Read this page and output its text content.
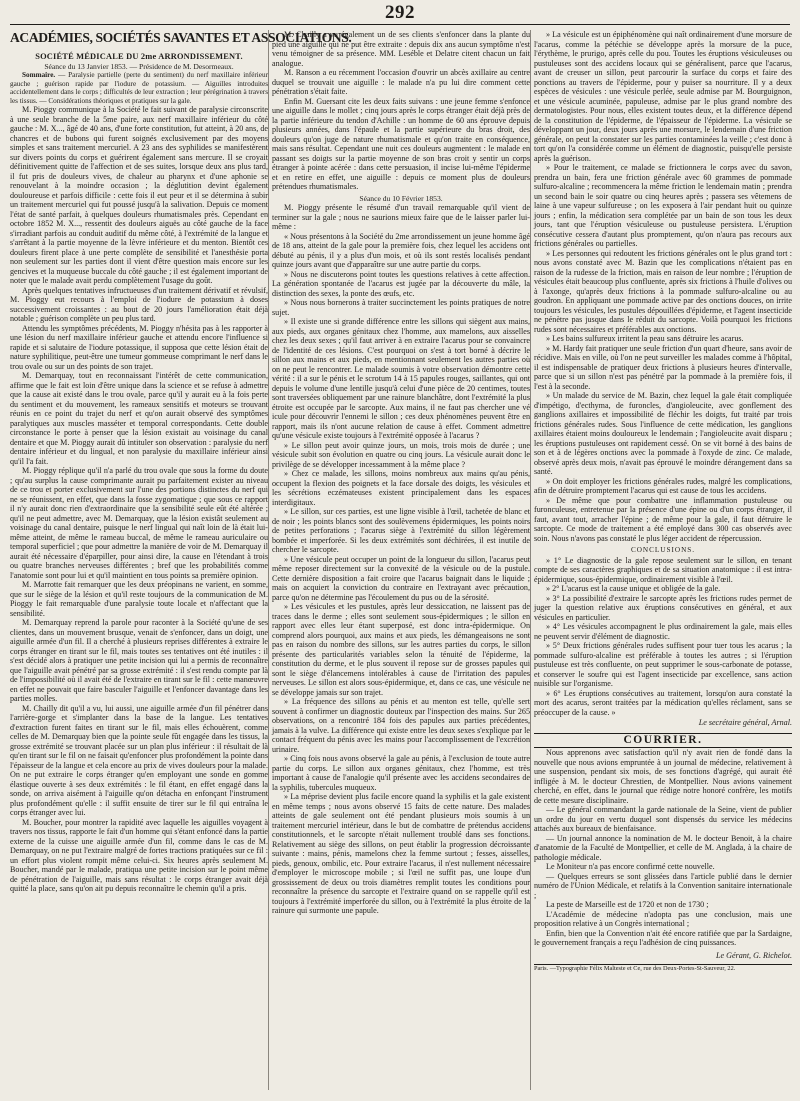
292
ACADÉMIES, SOCIÉTÉS SAVANTES ET ASSOCIATIONS.

SOCIÉTÉ MÉDICALE DU 2me ARRONDISSEMENT.

Séance du 13 Janvier 1853. — Présidence de M. Desormeaux.

Sommaire. — Paralysie partielle (perte du sentiment) du nerf maxillaire inférieur gauche ; guérison rapide par l'iodure de potassium. — Aiguilles introduites accidentellement dans le corps ; difficultés de leur extraction ; leur pérégrination à travers les tissus. — Considérations théoriques et pratiques sur la gale.

M. Pioggy communique à la Société le fait suivant de paralysie circonscrite à une seule branche de la 5me paire, aux nerf maxillaire inférieur du côté gauche : M. X..., âgé de 40 ans, d'une forte constitution, fut atteint, à 20 ans, de chancres et de bubons qui furent soignés exclusivement par des moyens simples et sans traitement mercuriel. A 23 ans des syphilides se manifestèrent sur divers points du corps et guérirent également sans mercure. Il se croyait définitivement quitte de l'affection et de ses suites, lorsque deux ans plus tard, il fut pris de douleurs vives, de chaleur au pharynx et d'une aphonie se renouvelant à la moindre occasion ; la déglutition devint également douloureuse et parfois difficile : cette fois il eut peur et il se détermina à subir un traitement mercuriel qui fut poussé jusqu'à la salivation. Depuis ce moment l'état de santé parfait, à quelques douleurs rhumatismales près. Cependant en octobre 1852 M. X..., ressentit des douleurs aiguës au côté gauche de la face s'irradiant parfois au conduit auditif du même côté, à l'extrémité de la langue et s'arrêtant à la partie moyenne de la lèvre inférieure et du menton. Bientôt ces douleurs firent place à une perte complète de sensibilité et l'anesthésie porta non seulement sur les parties dont il vient d'être question mais encore sur les gencives et la muqueuse buccale du côté gauche ; il est également important de noter que le malade avait perdu complètement l'usage du goût.

Après quelques tentatives infructueuses d'un traitement dérivatif et révulsif, M. Pioggy eut recours à l'emploi de l'iodure de potassium à doses successivement croissantes : au bout de 20 jours l'amélioration était déjà notable ; guérison complète un peu plus tard.

Attendu les symptômes précédents, M. Pioggy n'hésita pas à les rapporter à une lésion du nerf maxillaire inférieur gauche et attendu encore l'influence si rapide et si salutaire de l'iodure potassique, il supposa que cette lésion était de nature syphilitique, peut-être une tumeur gommeuse comprimant le nerf dans le trou ovale ou sur un des points de son trajet.

M. Demarquay, tout en reconnaissant l'intérêt de cette communication, affirme que le fait est loin d'être unique dans la science et se refuse à admettre que la cause ait existé dans le trou ovale, parce qu'il y aurait eu à la fois perte du sentiment et du mouvement, les rameaux sensitifs et moteurs se trouvant réunis en ce point du trajet du nerf et qu'on aurait observé des symptômes paralytiques aux muscles masséter et temporal correspondants. Cette double circonstance le porte à penser que la lésion existait au voisinage du canal dentaire et que M. Pioggy aurait dû intituler son observation : paralysie du nerf dentaire inférieur et du lingual, et non paralysie du maxillaire inférieur ainsi qu'il l'a fait.

M. Pioggy réplique qu'il n'a parlé du trou ovale que sous la forme du doute ; qu'au surplus la cause comprimante aurait pu parfaitement exister au niveau de ce trou et porter exclusivement sur l'une des portions distinctes du nerf qui ne se réunissent, en effet, que dans la fosse zygomatique ; que sous ce rapport il n'y aurait donc rien d'extraordinaire que la sensibilité seule eût été altérée ; qu'il ne peut admettre, avec M. Demarquay, que la lésion existât seulement au voisinage du canal dentaire, puisque le nerf lingual qui naît loin de là était lui-même atteint, de même le rameau buccal, de même le rameau auriculaire ou temporal superficiel ; que pour admettre la manière de voir de M. Demarquay il aurait été nécessaire d'éparpiller, pour ainsi dire, la cause en l'étendant à trois ou quatre branches nerveuses différentes ; bref que les probabilités comme l'anatomie sont pour lui et qu'il maintient en tous points sa première opinion.

M. Marrotte fait remarquer que les deux préopinans ne varient, en somme, que sur le siège de la lésion et qu'il reste toujours de la communication de M. Pioggy le fait remarquable d'une paralysie toute locale et n'affectant que la sensibilité.

M. Demarquay reprend la parole pour raconter à la Société qu'une de ses clientes, dans un mouvement brusque, venait de s'enfoncer, dans un doigt, une aiguille armée d'un fil. Il a cherché à plusieurs reprises différentes à extraire le corps étranger en tirant sur le fil, mais toutes ses tentatives ont été inutiles : il s'est décidé alors à pratiquer une petite incision qui lui a permis de reconnaître que l'aiguille avait pénétré par sa grosse extrémité : il s'est rendu compte par là de l'impossibilité où il avait été de l'extraire en tirant sur le fil : cette manœuvre en effet ne pouvait que faire basculer l'aiguille et l'enfoncer davantage dans les parties molles.

M. Chailly dit qu'il a vu, lui aussi, une aiguille armée d'un fil pénétrer dans l'arrière-gorge et s'implanter dans la base de la langue. Les tentatives d'extraction furent faites en tirant sur le fil, mais elles échouèrent, comme celles de M. Demarquay bien que la pointe seule fût engagée dans les tissus, la grosse extrémité se trouvant placée sur un plan plus inférieur : il résultait de là qu'en tirant sur le fil on ne faisait qu'enfoncer plus profondément la pointe dans l'épaisseur de la langue et cela encore au prix de vives douleurs pour la malade. On ne put extraire le corps étranger qu'en employant une sonde en gomme élastique ouverte à ses deux extrémités : le fil étant, en effet engagé dans la sonde, on arriva aisément à l'aiguille qu'on détacha en enfonçant l'instrument plus profondément qu'elle : il suffit ensuite de tirer sur le fil qui entraîna le corps étranger avec lui.

M. Boucher, pour montrer la rapidité avec laquelle les aiguilles voyagent à travers nos tissus, rapporte le fait d'un homme qui s'étant enfoncé dans la partie externe de la cuisse une aiguille armée d'un fil, comme dans le cas de M. Demarquay, on ne put l'extraire malgré de fortes tractions pratiquées sur ce fil : un effort plus violent rompit même celui-ci. Six heures après seulement M. Boucher, mandé par le malade, pratiqua une petite incision sur le point même de pénétration de l'aiguille, mais sans résultat : le corps étranger avait déjà quitté la place, sans qu'on ait pu depuis reconnaître le chemin qu'il a pris.

M. Chailly a vu également un de ses clients s'enfoncer dans la plante du pied une aiguille qui ne put être extraite : depuis dix ans aucun symptôme n'est venu témoigner de sa présence. MM. Leséble et Delatre citent chacun un fait analogue.

M. Ranson a eu récemment l'occasion d'ouvrir un abcès axillaire au centre duquel se trouvait une aiguille : le malade n'a pu lui dire comment cette pénétration s'était faite.

Enfin M. Guersant cite les deux faits suivans : une jeune femme s'enfonce une aiguille dans le mollet ; cinq jours après le corps étranger était déjà près de la partie inférieure du tendon d'Achille : un homme de 60 ans éprouve depuis plusieurs années, dans l'épaule et la partie supérieure du bras droit, des douleurs qu'on juge de nature rhumatismale et qu'on traite en conséquence, mais sans résultat. Cependant une nuit ces douleurs augmentent : le malade en passant ses doigts sur la partie moyenne de son bras croit y sentir un corps étranger à pointe acérée : dans cette persuasion, il incise lui-même l'épiderme et en retire en effet, une aiguille : depuis ce moment plus de douleurs prétendues rhumatismales.

Séance du 10 Février 1853.

M. Pioggy présente le résumé d'un travail remarquable qu'il vient de terminer sur la gale ; nous ne saurions mieux faire que de le laisser parler lui-même :

« Nous présentons à la Société du 2me arrondissement un jeune homme âgé de 18 ans, atteint de la gale pour la première fois, chez lequel les accidens ont débuté au pénis, il y a plus d'un mois, et où ils sont restés localisés pendant quinze jours avant que d'apparaître sur une autre partie du corps.

» Nous ne discuterons point toutes les questions relatives à cette affection. La génération spontanée de l'acarus est jugée par la découverte du mâle, la distinction des sexes, la ponte des œufs, etc.

» Nous nous bornerons à traiter succinctement les points pratiques de notre sujet.

» Il existe une si grande différence entre les sillons qui siègent aux mains, aux pieds, aux organes génitaux chez l'homme, aux mamelons, aux aisselles chez les deux sexes ; qu'il faut arriver à en extraire l'acarus pour se convaincre de l'identité de ces lésions. C'est pourquoi on s'est à tort borné à décrire le sillon aux mains et aux pieds, en mentionnant seulement les autres parties où on ne peut le rencontrer. Le malade soumis à votre observation démontre cette vérité : il a sur le pénis et le scrotum 14 à 15 papules rouges, saillantes, qui ont depuis le volume d'une lentille jusqu'à celui d'une pièce de 20 centimes, toutes sont traversées obliquement par une rainure blanchâtre, dont l'extrémité la plus étroite est occupée par le sarcopte. Aux mains, il ne faut pas chercher une vé icule pour découvrir l'ennemi le sillon ; ces deux phénomènes peuvent être en rapport, mais ils n'ont aucune relation de cause à effet. Comment admettre qu'une vésicule existe toujours à l'extrémité opposée à l'acarus ?

» Le sillon peut avoir quinze jours, un mois, trois mois de durée ; une vésicule subit son évolution en quatre ou cinq jours. La vésicule aurait donc le privilège de se développer incessamment à la même place ?

» Chez ce malade, les sillons, moins nombreux aux mains qu'au pénis, occupent la flexion des poignets et la face dorsale des doigts, les vésicules et les sécrétions eczémateuses existent principalement dans les espaces interdigitaux.

» Le sillon, sur ces parties, est une ligne visible à l'œil, tachetée de blanc et de noir ; les points blancs sont des soulèvemens épidermiques, les points noirs de petites perforations ; l'acarus siège à l'extrémité du sillon légèrement bombée et imperforée. Si les deux extrémités sont déchirées, il est inutile de chercher le sarcopte.

» Une vésicule peut occuper un point de la longueur du sillon, l'acarus peut même reposer directement sur la convexité de la vésicule ou de la pustule. Cette dernière disposition a fait croire que l'acarus baignait dans le liquide ; mais on acquiert la conviction du contraire en l'extrayant avec précaution, parce qu'on ne détermine pas l'écoulement du pus ou de la sérosité.

» Les vésicules et les pustules, après leur dessiccation, ne laissent pas de traces dans le derme ; elles sont seulement sous-épidermiques ; le sillon en rapport avec elles leur étant superposé, est donc intra-épidermique. On comprend alors pourquoi, aux mains et aux pieds, les démangeaisons ne sont pas en raison du nombre des sillons, sur les autres parties du corps, le sillon présente des particularités variables selon la ténuité de l'épiderme, la constitution du derme, et le plus souvent il repose sur de grosses papules qui sont le siège d'élancemens intolérables à cause de l'irritation des papules nerveuses. Le sillon est alors sous-épidermique, et, dans ce cas, une vésicule ne se développe jamais sur son trajet.

» La fréquence des sillons au pénis et au menton est telle, qu'elle sert souvent à confirmer un diagnostic douteux par l'inspection des mains. Sur 265 observations, on a rencontré 184 fois des papules aux parties précédentes, jamais à la vulve. La différence qui existe entre les deux sexes s'explique par le contact fréquent du pénis avec les mains pour l'accomplissement de l'excrétion urinaire.

» Cinq fois nous avons observé la gale au pénis, à l'exclusion de toute autre partie du corps. Le sillon aux organes génitaux, chez l'homme, est très important à cause de l'analogie qu'il présente avec les accidens secondaires de la syphilis, tubercules muqueux.

» La méprise devient plus facile encore quand la syphilis et la gale existent en même temps ; nous avons observé 15 faits de cette nature. Des malades atteints de gale seulement ont été pendant plusieurs mois soumis à un traitement mercuriel intérieur, dans le but de combattre de prétendus accidens constitutionnels, et le sarcopte n'était nullement troublé dans ses fonctions. Relativement au siège des sillons, on peut établir la progression décroissante suivante : mains, pénis, mamelons chez la femme surtout ; fesses, aisselles, pieds, genoux, ombilic, etc. Pour extraire l'acarus, il n'est nullement nécessaire d'employer le microscope mobile ; si l'œil ne suffit pas, une loupe d'un grossissement de deux ou trois diamètres remplit toutes les conditions pour reconnaître la présence du sarcopte et l'extraire quand on se rappelle qu'il est toujours à l'extrémité imperforée du sillon, ou à l'extrémité la plus étroite de la rainure qui surmonte une papule.

» La vésicule est un épiphénomène qui naît ordinairement d'une morsure de l'acarus, comme la pétéchie se développe après la morsure de la puce, l'érythème, le prurigo, après celle du pou. Toutes les éruptions vésiculeuses ou pustuleuses sont des accidens locaux qui se généralisent, parce que l'acarus, avant de creuser un sillon, peut parcourir la surface du corps et faire des ponctions au travers de l'épiderme, pour y puiser sa nourriture. Il y a deux espèces de vésicules : une vésicule perlée, seule admise par M. Bourguignon, et une vésicule acuminée, papuleuse, admise par le plus grand nombre des dermatologistes. Pour nous, elles existent toutes deux, et la différence dépend de la constitution de l'épiderme, de l'épaisseur de l'épiderme. La vésicule se développant un jour, deux jours après une morsure, le lendemain d'une friction générale, on peut la constater sur les parties contaminées la veille ; c'est donc à tort qu'on l'a considérée comme un élément de diagnostic, puisqu'elle persiste après la guérison.

» Pour le traitement, ce malade se frictionnera le corps avec du savon, prendra un bain, fera une friction générale avec 60 grammes de pommade sulfuro-alcaline ; recommencera la même friction le lendemain matin ; prendra un second bain le soir quatre ou cinq heures après ; passera ses vêtemens de laine à une vapeur sulfureuse ; on les exposera à l'air pendant huit ou quinze jours ; enfin, la médication sera complétée par un bain de son tous les deux jours, tant que l'éruption vésiculeuse ou pustuleuse persistera. L'éruption consécutive cessera d'autant plus promptement, qu'on n'aura pas recours aux frictions générales ou partielles.

» Les personnes qui redoutent les frictions générales ont le plus grand tort : nous avons constaté avec M. Bazin que les complications n'étaient pas en raison de la rudesse de la friction, mais en raison de leur nombre ; l'éruption de vésicules était beaucoup plus confluente, après six frictions à l'huile d'olives ou à l'axonge, qu'après deux frictions à la pommade sulfuro-alcaline ou au goudron. En appliquant une pommade active par des onctions douces, on irrite toujours les vésicules, les pustules dépouillées d'épiderme, et l'agent insecticide ne pénètre pas jusque dans le réduit du sarcopte. Voilà pourquoi les frictions rudes sont nécessaires et préférables aux onctions.

» Les bains sulfureux irritent la peau sans détruire les acarus.

» M. Hardy fait pratiquer une seule friction d'un quart d'heure, sans avoir de récidive. Mais en ville, où l'on ne peut surveiller les malades comme à l'hôpital, il est indispensable de pratiquer deux frictions à plusieurs heures d'intervalle, parce que si un sillon n'est pas pénétré par la pommade à la première fois, il l'est à la seconde.

» Un malade du service de M. Bazin, chez lequel la gale était compliquée d'impétigo, d'ecthyma, de furoncles, d'angioleucite, avec gonflement des ganglions axillaires et impossibilité de fléchir les doigts, fut traité par trois frictions générales rudes. Sous l'influence de cette médication, les ganglions axillaires étaient moins douloureux le lendemain ; l'angioleucite avait disparu ; les éruptions pustuleuses ont rapidement cessé. On se vit borné à des bains de son et à de légères onctions avec la pommade à l'oxyde de zinc. Ce malade, observé après deux mois, n'avait pas éprouvé le moindre dérangement dans sa santé.

» On doit employer les frictions générales rudes, malgré les complications, afin de détruire promptement l'acarus qui est cause de tous les accidens.

» De même que pour combattre une inflammation pustuleuse ou furonculeuse, entretenue par la présence d'une épine ou d'un corps étranger, il faut, avant tout, arracher l'épine ; de même pour la gale, il faut détruire le sarcopte. Ce mode de traitement a été employé dans 300 cas observés avec soin. Nous n'avons pas constaté le plus léger accident de répercussion.

CONCLUSIONS.

» 1° Le diagnostic de la gale repose seulement sur le sillon, en tenant compte de ses caractères graphiques et de sa situation anatomique : il est intra-épidermique, sous-épidermique, ordinairement visible à l'œil.

» 2° L'acarus est la cause unique et obligée de la gale.

» 3° La possibilité d'extraire le sarcopte après les frictions rudes permet de juger la question relative aux éruptions consécutives en général, et aux vésicules en particulier.

» 4° Les vésicules accompagnent le plus ordinairement la gale, mais elles ne peuvent servir d'élément de diagnostic.

» 5° Deux frictions générales rudes suffisent pour tuer tous les acarus ; la pommade sulfuro-alcaline est préférable à toutes les autres ; si l'éruption pustuleuse est très confluente, on peut supprimer le sous-carbonate de potasse, et conserver le soufre qui est l'agent insecticide par excellence, sans action nuisible sur l'organisme.

» 6° Les éruptions consécutives au traitement, lorsqu'on aura constaté la mort des acarus, seront traitées par la médication qu'elles réclament, sans se préoccuper de la cause. »

Le secrétaire général, Arnal.

COURRIER.

Nous apprenons avec satisfaction qu'il n'y avait rien de fondé dans la nouvelle que nous avions empruntée à un journal de médecine, relativement à une suspension, pendant six mois, de ses fonctions d'agrégé, qui aurait été infligée à M. le docteur Chrestien, de Montpellier. Nous avions vainement cherché, en effet, dans le journal que rédige notre honoré confrère, les motifs de cette mesure disciplinaire.

— Le général commandant la garde nationale de la Seine, vient de publier un ordre du jour en vertu duquel sont dispensés du service les médecins attachés aux bureaux de bienfaisance.

— Un journal annonce la nomination de M. le docteur Benoit, à la chaire d'anatomie de la Faculté de Montpellier, et celle de M. Anglada, à la chaire de pathologie médicale.

Le Moniteur n'a pas encore confirmé cette nouvelle.

— Quelques erreurs se sont glissées dans l'article publié dans le dernier numéro de l'Union Médicale, et relatifs à la Convention sanitaire internationale ;

La peste de Marseille est de 1720 et non de 1730 ;

L'Académie de médecine n'adopta pas une conclusion, mais une proposition relative à un Congrès international ;

Enfin, bien que la Convention n'ait été encore ratifiée que par la Sardaigne, le gouvernement français a reçu l'adhésion de cinq puissances.

Le Gérant, G. Richelot.

Paris. —Typographie Félix Malteste et Ce, rue des Deux-Portes-St-Sauveur, 22.
